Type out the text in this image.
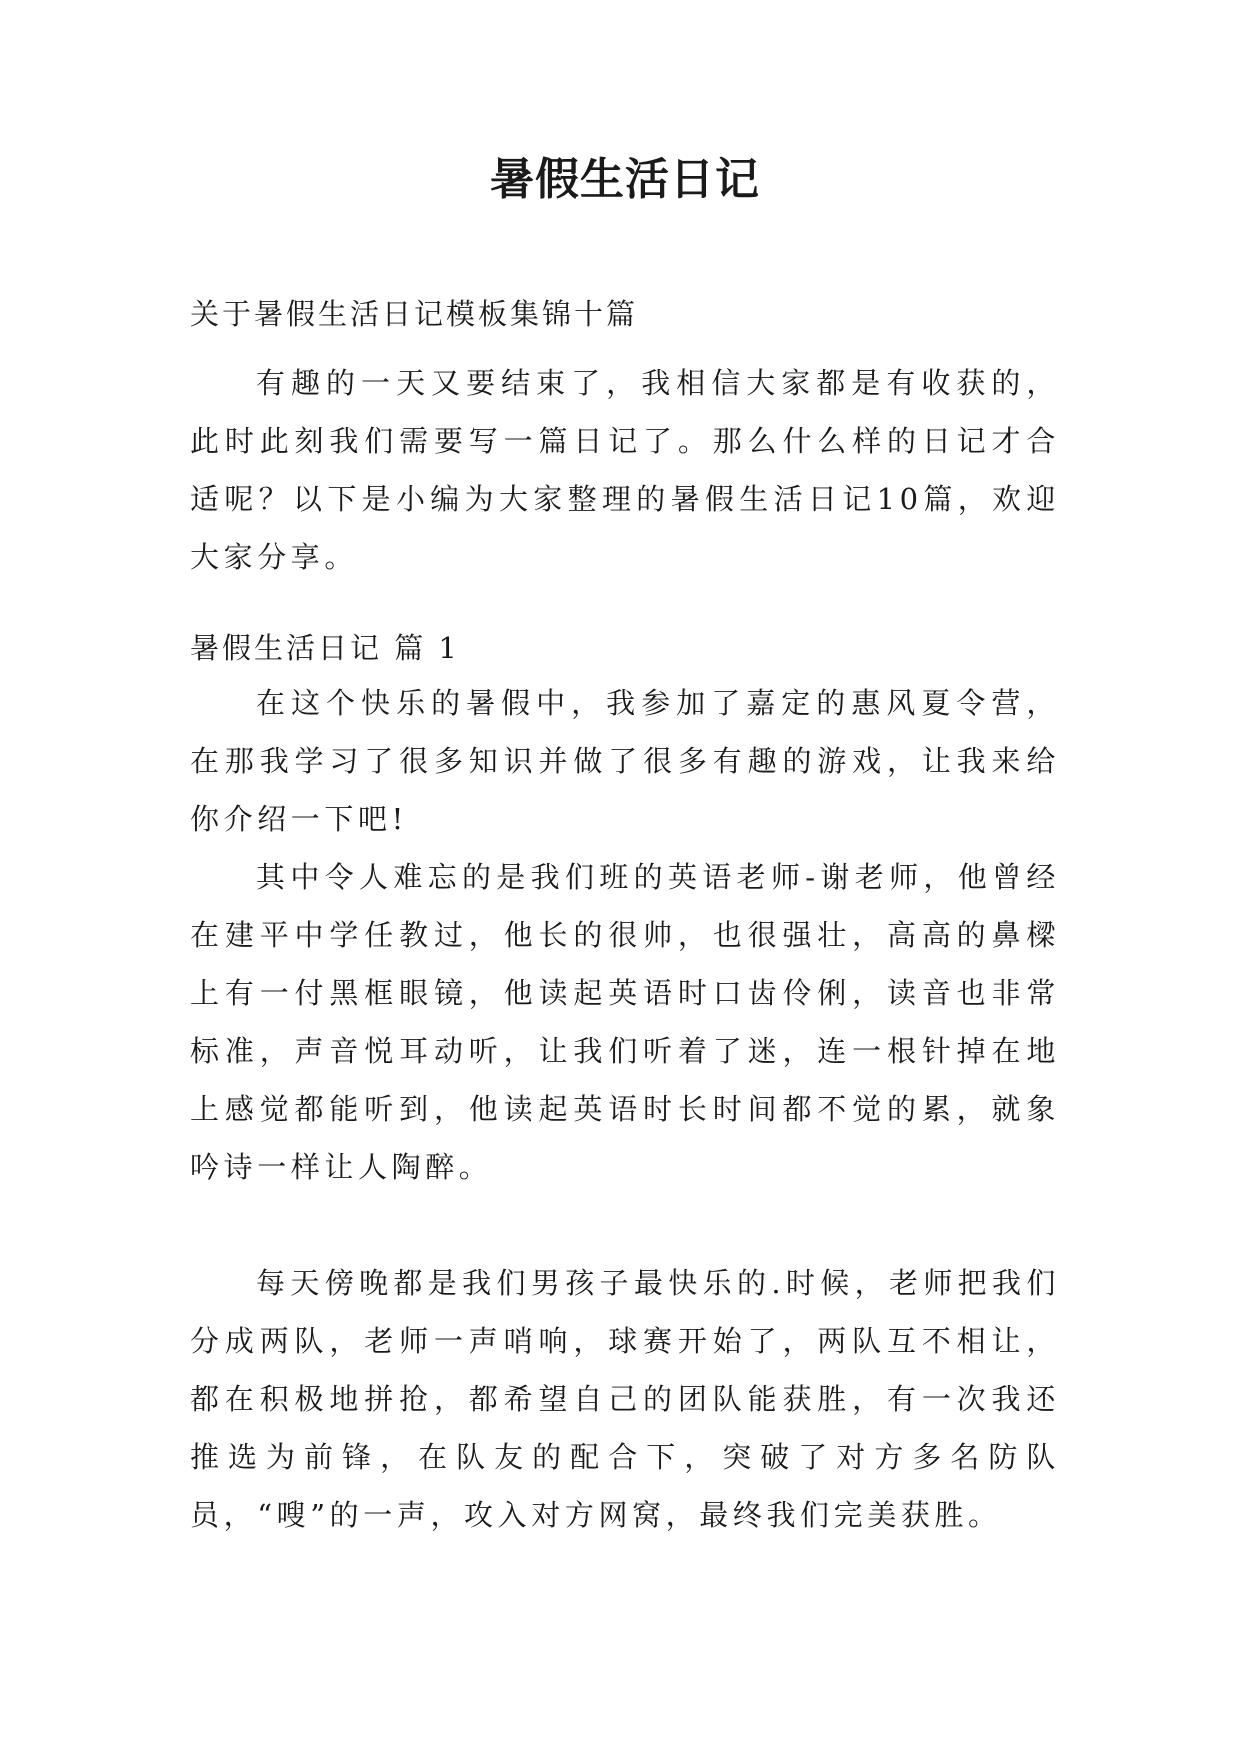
暑假生活日记
关于暑假生活日记模板集锦十篇

有趣的一天又要结束了，我相信大家都是有收获的，此时此刻我们需要写一篇日记了。那么什么样的日记才合适呢？以下是小编为大家整理的暑假生活日记10篇，欢迎大家分享。

暑假生活日记 篇 1

在这个快乐的暑假中，我参加了嘉定的惠风夏令营，在那我学习了很多知识并做了很多有趣的游戏，让我来给你介绍一下吧!

其中令人难忘的是我们班的英语老师-谢老师，他曾经在建平中学任教过，他长的很帅，也很强壮，高高的鼻樑上有一付黑框眼镜，他读起英语时口齿伶俐，读音也非常标准，声音悦耳动听，让我们听着了迷，连一根针掉在地上感觉都能听到，他读起英语时长时间都不觉的累，就象吟诗一样让人陶醉。

每天傍晚都是我们男孩子最快乐的.时候，老师把我们分成两队，老师一声哨响，球赛开始了，两队互不相让，都在积极地拼抢，都希望自己的团队能获胜，有一次我还推选为前锋，在队友的配合下，突破了对方多名防队员，“嗖”的一声，攻入对方网窝，最终我们完美获胜。
